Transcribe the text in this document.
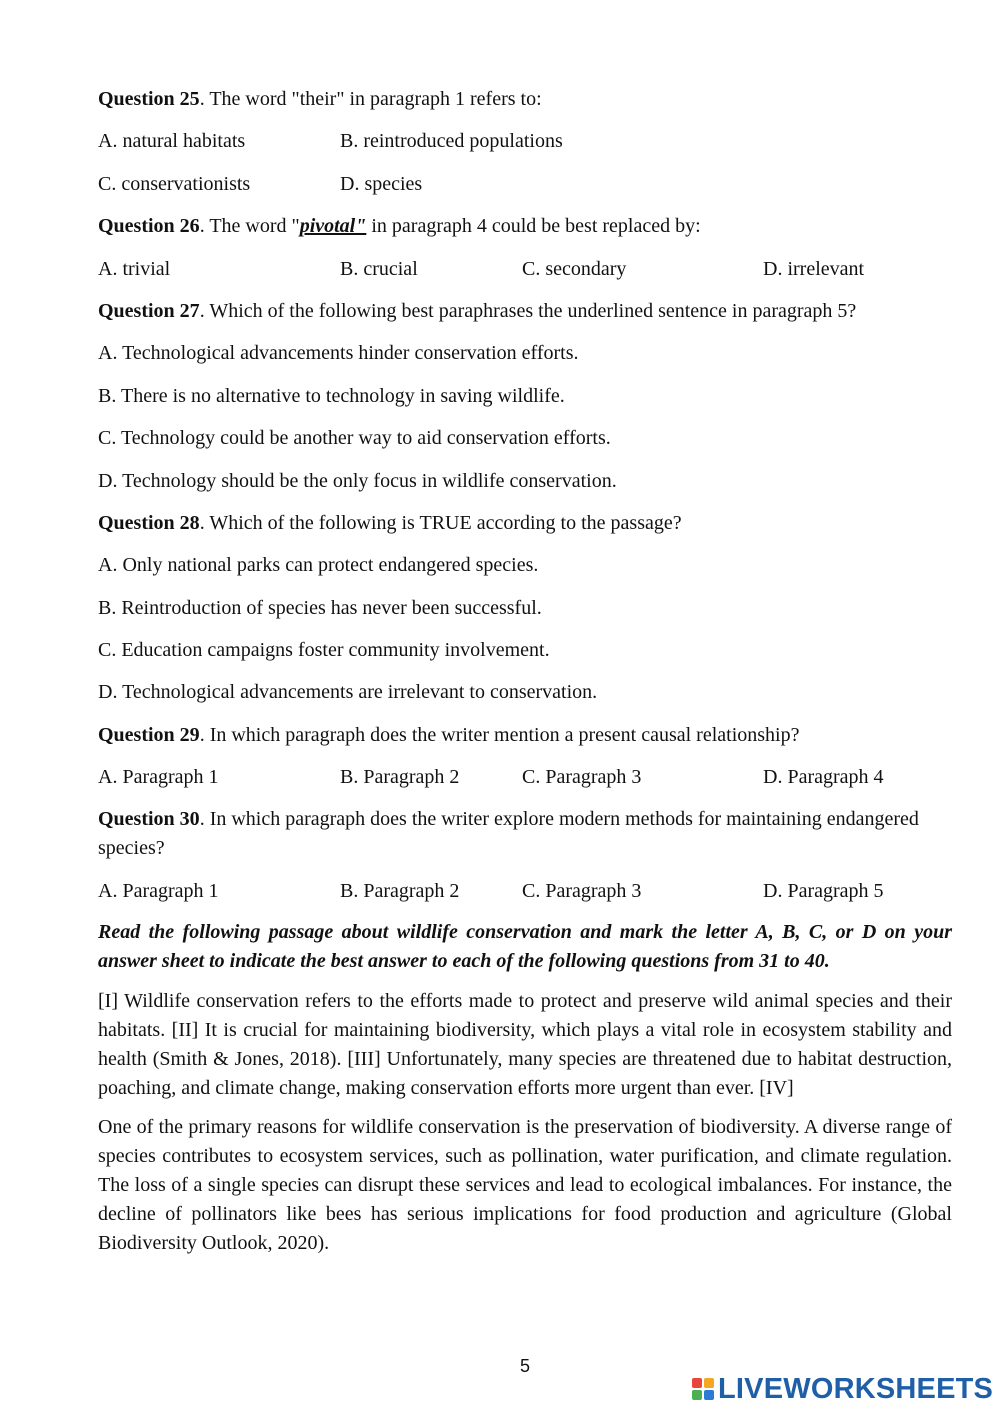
Question 25. The word "their" in paragraph 1 refers to:

A. natural habitats	B. reintroduced populations
C. conservationists	D. species

Question 26. The word "pivotal" in paragraph 4 could be best replaced by:

A. trivial	B. crucial	C. secondary	D. irrelevant

Question 27. Which of the following best paraphrases the underlined sentence in paragraph 5?

A. Technological advancements hinder conservation efforts.
B. There is no alternative to technology in saving wildlife.
C. Technology could be another way to aid conservation efforts.
D. Technology should be the only focus in wildlife conservation.

Question 28. Which of the following is TRUE according to the passage?

A. Only national parks can protect endangered species.
B. Reintroduction of species has never been successful.
C. Education campaigns foster community involvement.
D. Technological advancements are irrelevant to conservation.

Question 29. In which paragraph does the writer mention a present causal relationship?

A. Paragraph 1	B. Paragraph 2	C. Paragraph 3	D. Paragraph 4

Question 30. In which paragraph does the writer explore modern methods for maintaining endangered species?

A. Paragraph 1	B. Paragraph 2	C. Paragraph 3	D. Paragraph 5

Read the following passage about wildlife conservation and mark the letter A, B, C, or D on your answer sheet to indicate the best answer to each of the following questions from 31 to 40.

[I] Wildlife conservation refers to the efforts made to protect and preserve wild animal species and their habitats. [II] It is crucial for maintaining biodiversity, which plays a vital role in ecosystem stability and health (Smith & Jones, 2018). [III] Unfortunately, many species are threatened due to habitat destruction, poaching, and climate change, making conservation efforts more urgent than ever. [IV]

One of the primary reasons for wildlife conservation is the preservation of biodiversity. A diverse range of species contributes to ecosystem services, such as pollination, water purification, and climate regulation. The loss of a single species can disrupt these services and lead to ecological imbalances. For instance, the decline of pollinators like bees has serious implications for food production and agriculture (Global Biodiversity Outlook, 2020).

5
LIVEWORKSHEETS
